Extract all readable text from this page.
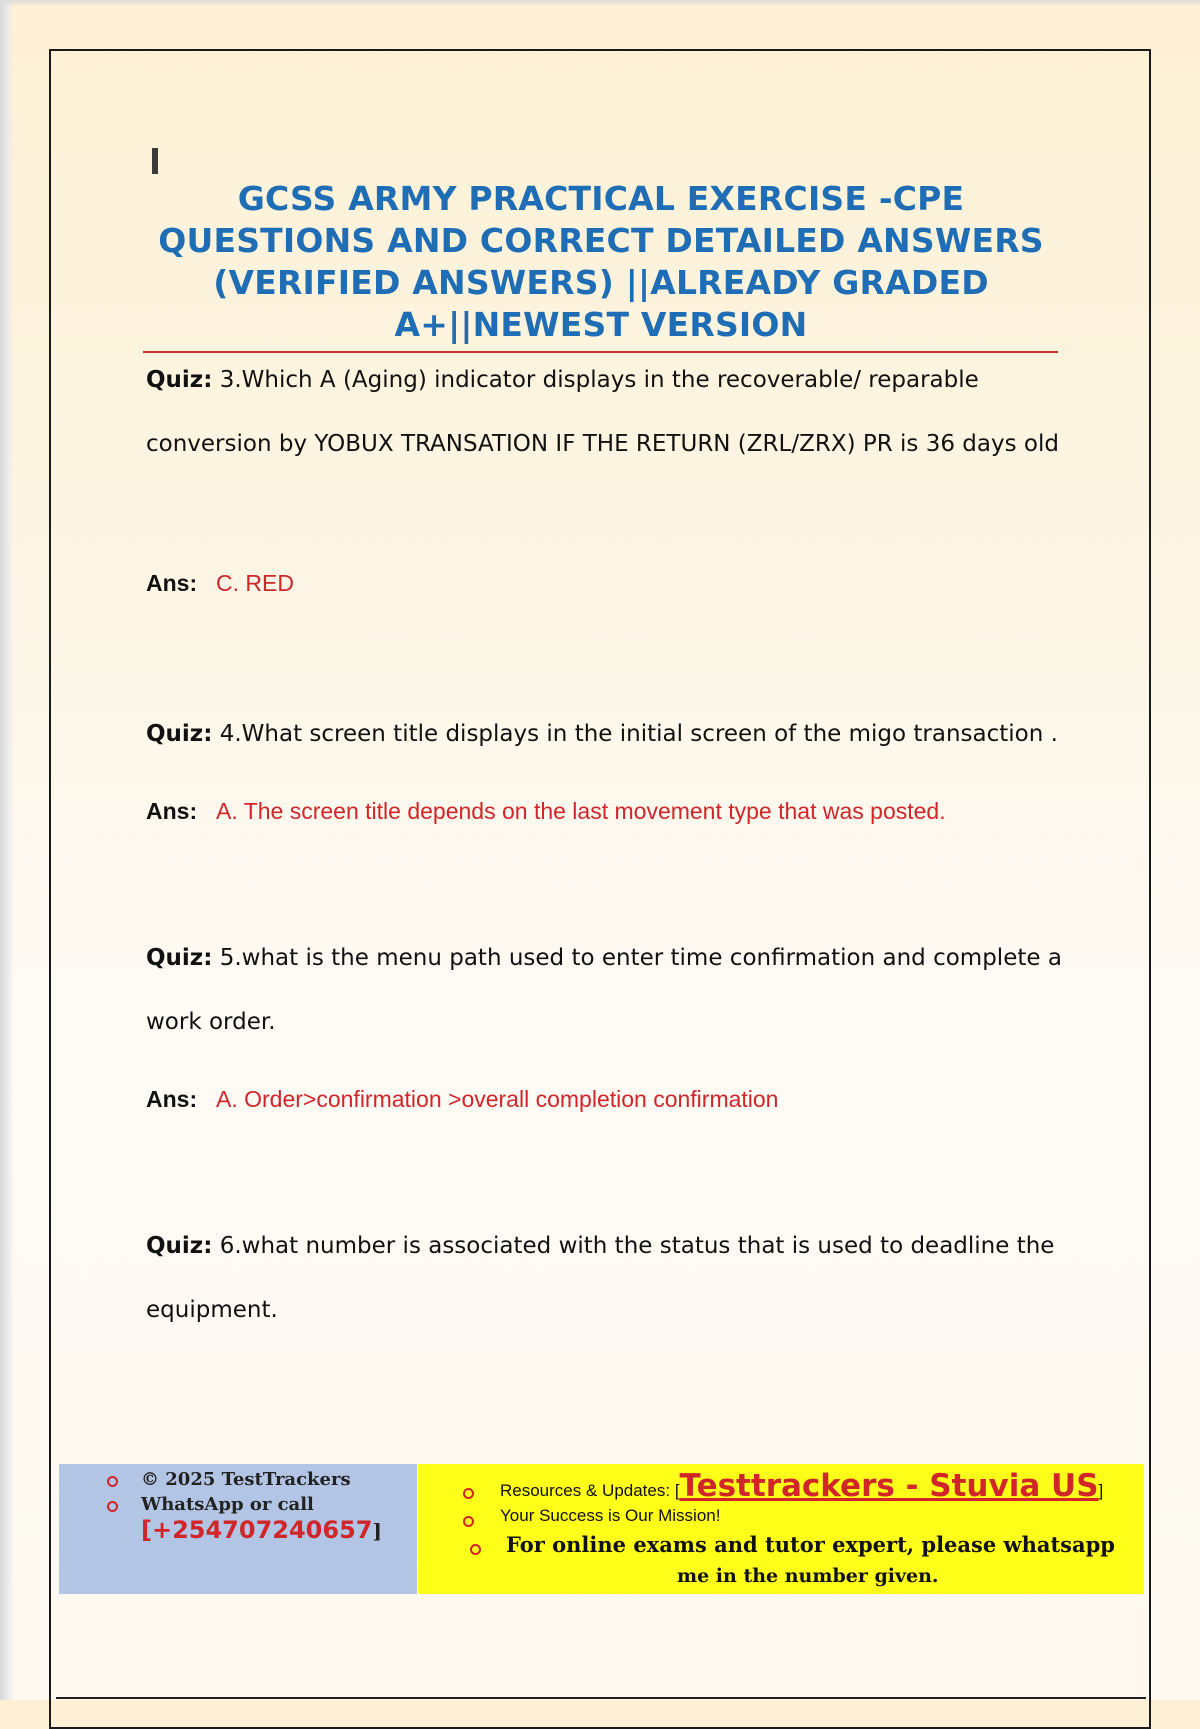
GCSS ARMY PRACTICAL EXERCISE -CPE QUESTIONS AND CORRECT DETAILED ANSWERS (VERIFIED ANSWERS) ||ALREADY GRADED A+||NEWEST VERSION

Quiz: 3.Which A (Aging) indicator displays in the recoverable/ reparable conversion by YOBUX TRANSATION IF THE RETURN (ZRL/ZRX) PR is 36 days old

Ans: C. RED

Quiz: 4.What screen title displays in the initial screen of the migo transaction .

Ans: A. The screen title depends on the last movement type that was posted.

Quiz: 5.what is the menu path used to enter time confirmation and complete a work order.

Ans: A. Order>confirmation >overall completion confirmation

Quiz: 6.what number is associated with the status that is used to deadline the equipment.

© 2025 TestTrackers
WhatsApp or call
[+254707240657]
Resources & Updates: [Testtrackers - Stuvia US]
Your Success is Our Mission!
For online exams and tutor expert, please whatsapp
me in the number given.
